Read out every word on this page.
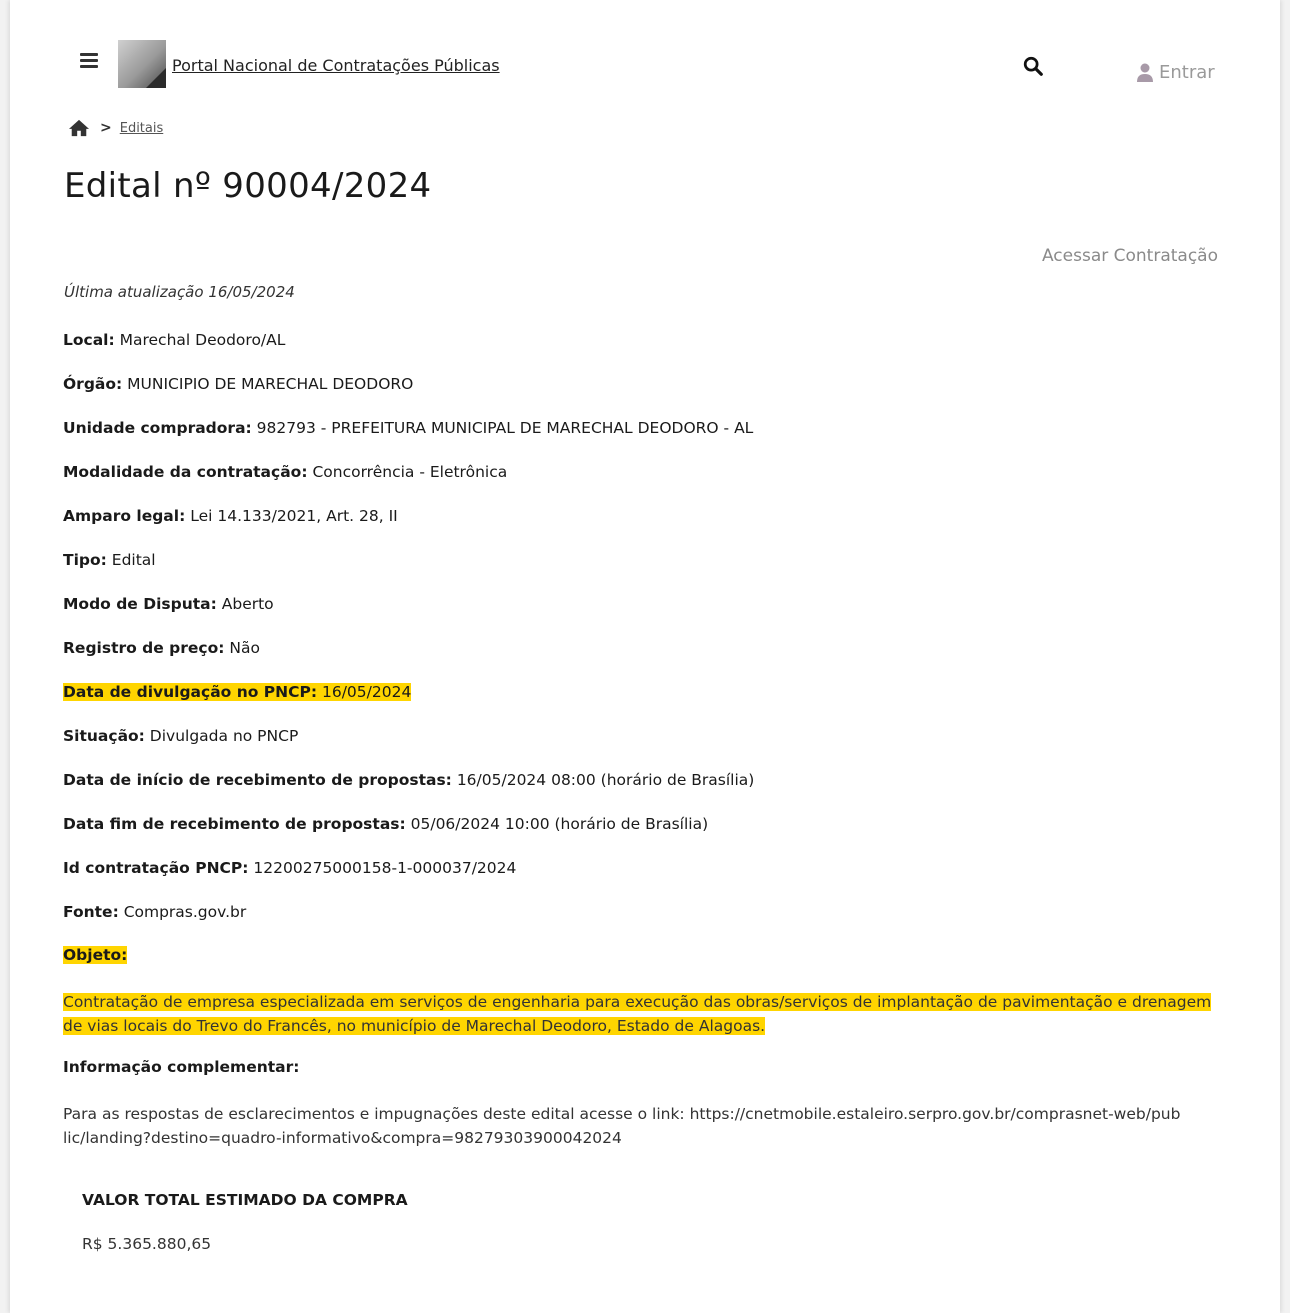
Portal Nacional de Contratações Públicas	Entrar
> Editais
Edital nº 90004/2024
Acessar Contratação
Última atualização 16/05/2024
Local: Marechal Deodoro/AL
Órgão: MUNICIPIO DE MARECHAL DEODORO
Unidade compradora: 982793 - PREFEITURA MUNICIPAL DE MARECHAL DEODORO - AL
Modalidade da contratação: Concorrência - Eletrônica
Amparo legal: Lei 14.133/2021, Art. 28, II
Tipo: Edital
Modo de Disputa: Aberto
Registro de preço: Não
Data de divulgação no PNCP: 16/05/2024
Situação: Divulgada no PNCP
Data de início de recebimento de propostas: 16/05/2024 08:00 (horário de Brasília)
Data fim de recebimento de propostas: 05/06/2024 10:00 (horário de Brasília)
Id contratação PNCP: 12200275000158-1-000037/2024
Fonte: Compras.gov.br
Objeto:
Contratação de empresa especializada em serviços de engenharia para execução das obras/serviços de implantação de pavimentação e drenagem de vias locais do Trevo do Francês, no município de Marechal Deodoro, Estado de Alagoas.
Informação complementar:
Para as respostas de esclarecimentos e impugnações deste edital acesse o link: https://cnetmobile.estaleiro.serpro.gov.br/comprasnet-web/public/landing?destino=quadro-informativo&compra=98279303900042024
VALOR TOTAL ESTIMADO DA COMPRA
R$ 5.365.880,65
